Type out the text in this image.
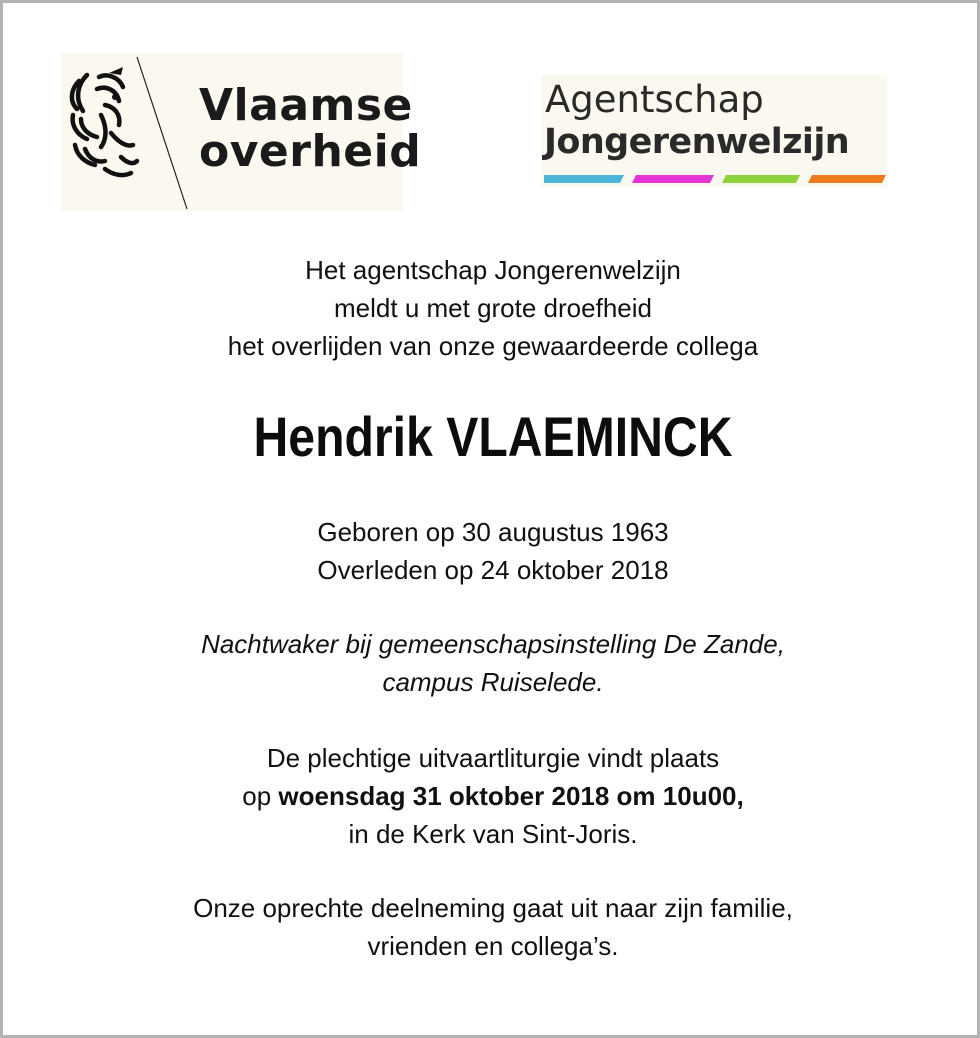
Vlaamse
overheid
Agentschap
Jongerenwelzijn

Het agentschap Jongerenwelzijn

meldt u met grote droefheid

het overlijden van onze gewaardeerde collega

Hendrik VLAEMINCK

Geboren op 30 augustus 1963

Overleden op 24 oktober 2018

Nachtwaker bij gemeenschapsinstelling De Zande,

campus Ruiselede.

De plechtige uitvaartliturgie vindt plaats

op woensdag 31 oktober 2018 om 10u00,

in de Kerk van Sint-Joris.

Onze oprechte deelneming gaat uit naar zijn familie,

vrienden en collega’s.
